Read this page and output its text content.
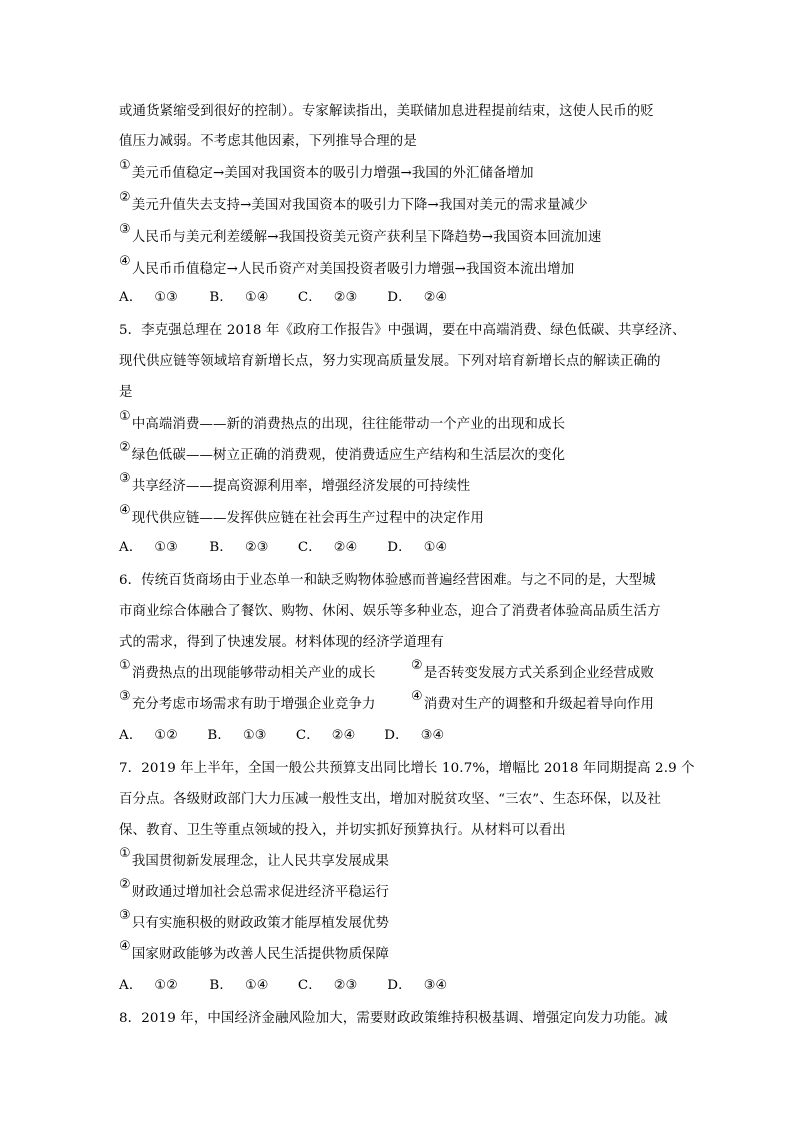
或通货紧缩受到很好的控制）。专家解读指出，美联储加息进程提前结束，这使人民币的贬
值压力减弱。不考虑其他因素，下列推导合理的是
①美元币值稳定→美国对我国资本的吸引力增强→我国的外汇储备增加
②美元升值失去支持→美国对我国资本的吸引力下降→我国对美元的需求量减少
③人民币与美元利差缓解→我国投资美元资产获利呈下降趋势→我国资本回流加速
④人民币币值稳定→人民币资产对美国投资者吸引力增强→我国资本流出增加
A． ①③ B． ①④ C． ②③ D． ②④
5．李克强总理在 2018 年《政府工作报告》中强调，要在中高端消费、绿色低碳、共享经济、
现代供应链等领域培育新增长点，努力实现高质量发展。下列对培育新增长点的解读正确的
是
①中高端消费——新的消费热点的出现，往往能带动一个产业的出现和成长
②绿色低碳——树立正确的消费观，使消费适应生产结构和生活层次的变化
③共享经济——提高资源利用率，增强经济发展的可持续性
④现代供应链——发挥供应链在社会再生产过程中的决定作用
A． ①③ B． ②③ C． ②④ D． ①④
6．传统百货商场由于业态单一和缺乏购物体验感而普遍经营困难。与之不同的是，大型城
市商业综合体融合了餐饮、购物、休闲、娱乐等多种业态，迎合了消费者体验高品质生活方
式的需求，得到了快速发展。材料体现的经济学道理有
①消费热点的出现能够带动相关产业的成长②是否转变发展方式关系到企业经营成败
③充分考虑市场需求有助于增强企业竞争力④消费对生产的调整和升级起着导向作用
A． ①② B． ①③ C． ②④ D． ③④
7．2019 年上半年，全国一般公共预算支出同比增长 10.7%，增幅比 2018 年同期提高 2.9 个
百分点。各级财政部门大力压减一般性支出，增加对脱贫攻坚、“三农”、生态环保，以及社
保、教育、卫生等重点领域的投入，并切实抓好预算执行。从材料可以看出
①我国贯彻新发展理念，让人民共享发展成果
②财政通过增加社会总需求促进经济平稳运行
③只有实施积极的财政政策才能厚植发展优势
④国家财政能够为改善人民生活提供物质保障
A． ①② B． ①④ C． ②③ D． ③④
8．2019 年，中国经济金融风险加大，需要财政政策维持积极基调、增强定向发力功能。减
